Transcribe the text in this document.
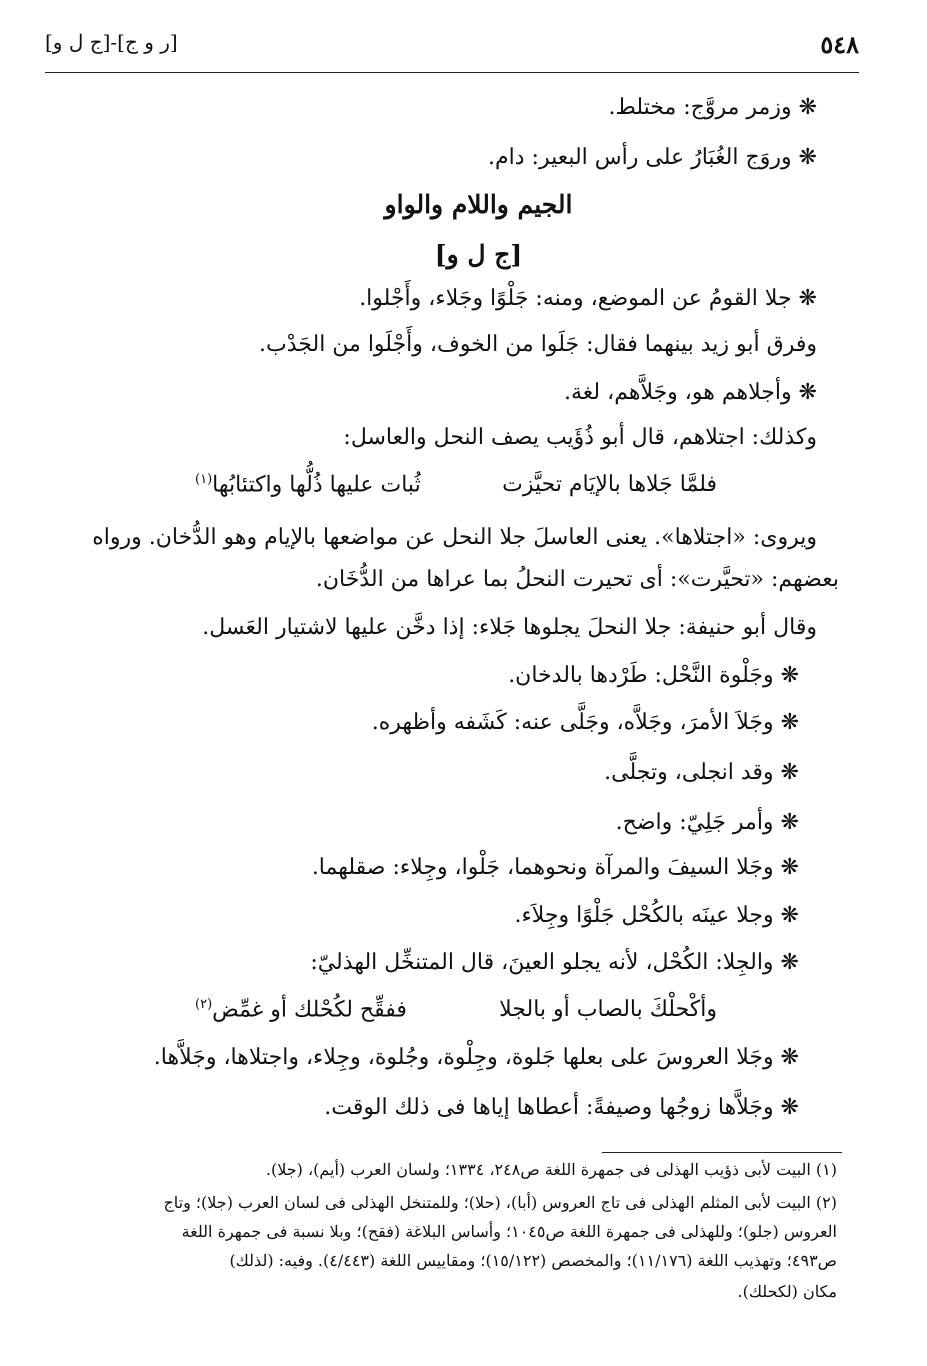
٥٤٨
[ر و ج]-[ج ل و]
❋ وزمر مروَّج: مختلط.
❋ وروَج الغُبَارُ على رأس البعير: دام.
الجيم واللام والواو
[ج ل و]
❋ جلا القومُ عن الموضع، ومنه: جَلْوًا وجَلاء، وأَجْلوا.
وفرق أبو زيد بينهما فقال: جَلَوا من الخوف، وأَجْلَوا من الجَدْب.
❋ وأجلاهم هو، وجَلاَّهم، لغة.
وكذلك: اجتلاهم، قال أبو ذُؤَيب يصف النحل والعاسل:
فلمَّا جَلاها بالإيَام تحيَّزت
ثُبات عليها ذُلُّها واكتئابُها$^{(١)}$
ويروى: «اجتلاها». يعنى العاسلَ جلا النحل عن مواضعها بالإيام وهو الدُّخان. ورواه
بعضهم: «تحيَّرت»: أى تحيرت النحلُ بما عراها من الدُّخَان.
وقال أبو حنيفة: جلا النحلَ يجلوها جَلاء: إذا دخَّن عليها لاشتيار العَسل.
❋ وجَلْوة النَّحْل: طَرْدها بالدخان.
❋ وجَلاَ الأمرَ، وجَلاَّه، وجَلَّى عنه: كَشَفه وأظهره.
❋ وقد انجلى، وتجلَّى.
❋ وأمر جَلِيّ: واضح.
❋ وجَلا السيفَ والمرآة ونحوهما، جَلْوا، وجِلاء: صقلهما.
❋ وجلا عينَه بالكُحْل جَلْوًا وجِلاَء.
❋ والجِلا: الكُحْل، لأنه يجلو العينَ، قال المتنخِّل الهذليّ:
وأكْحلْكَ بالصاب أو بالجلا
ففقِّح لكُحْلك أو غمِّض$^{(٢)}$
❋ وجَلا العروسَ على بعلها جَلوة، وجِلْوة، وجُلوة، وجِلاء، واجتلاها، وجَلاَّها.
❋ وجَلاَّها زوجُها وصيفةً: أعطاها إياها فى ذلك الوقت.
(١) البيت لأبى ذؤيب الهذلى فى جمهرة اللغة ص٢٤٨، ١٣٣٤؛ ولسان العرب (أيم)، (جلا).
(٢) البيت لأبى المثلم الهذلى فى تاج العروس (أبا)، (حلا)؛ وللمتنخل الهذلى فى لسان العرب (جلا)؛ وتاج
العروس (جلو)؛ وللهذلى فى جمهرة اللغة ص١٠٤٥؛ وأساس البلاغة (فقح)؛ وبلا نسبة فى جمهرة اللغة
ص٤٩٣؛ وتهذيب اللغة (١١/١٧٦)؛ والمخصص (١٥/١٢٢)؛ ومقاييس اللغة (٤/٤٤٣). وفيه: (لذلك)
مكان (لكحلك).
